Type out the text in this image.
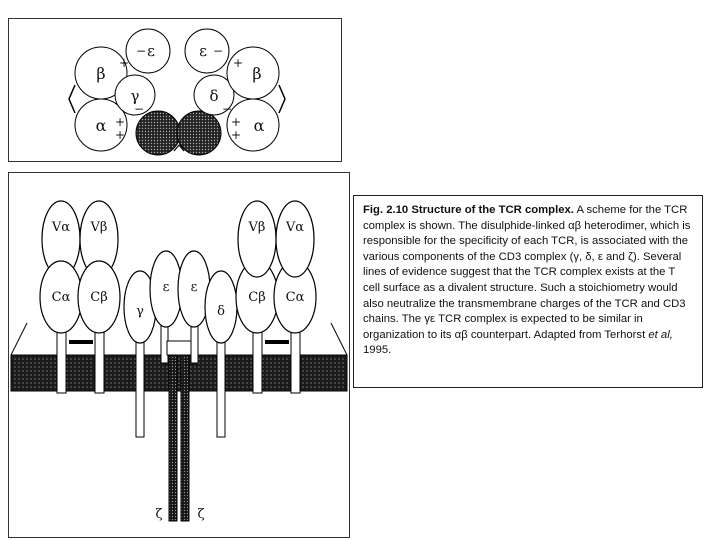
β
α
ε
γ
ε
δ
β
α
−	−
−	−
+
+
+
+
+
+
Vα Vβ
Cα Cβ
γ
ε ε
δ
Cβ Cα
Vβ Vα
ζ	ζ
Fig. 2.10 Structure of the TCR complex. A scheme for the TCR complex is shown. The disulphide-linked αβ heterodimer, which is responsible for the specificity of each TCR, is associated with the various components of the CD3 complex (γ, δ, ε and ζ). Several lines of evidence suggest that the TCR complex exists at the T cell surface as a divalent structure. Such a stoichiometry would also neutralize the transmembrane charges of the TCR and CD3 chains. The γε TCR complex is expected to be similar in organization to its αβ counterpart. Adapted from Terhorst et al, 1995.
